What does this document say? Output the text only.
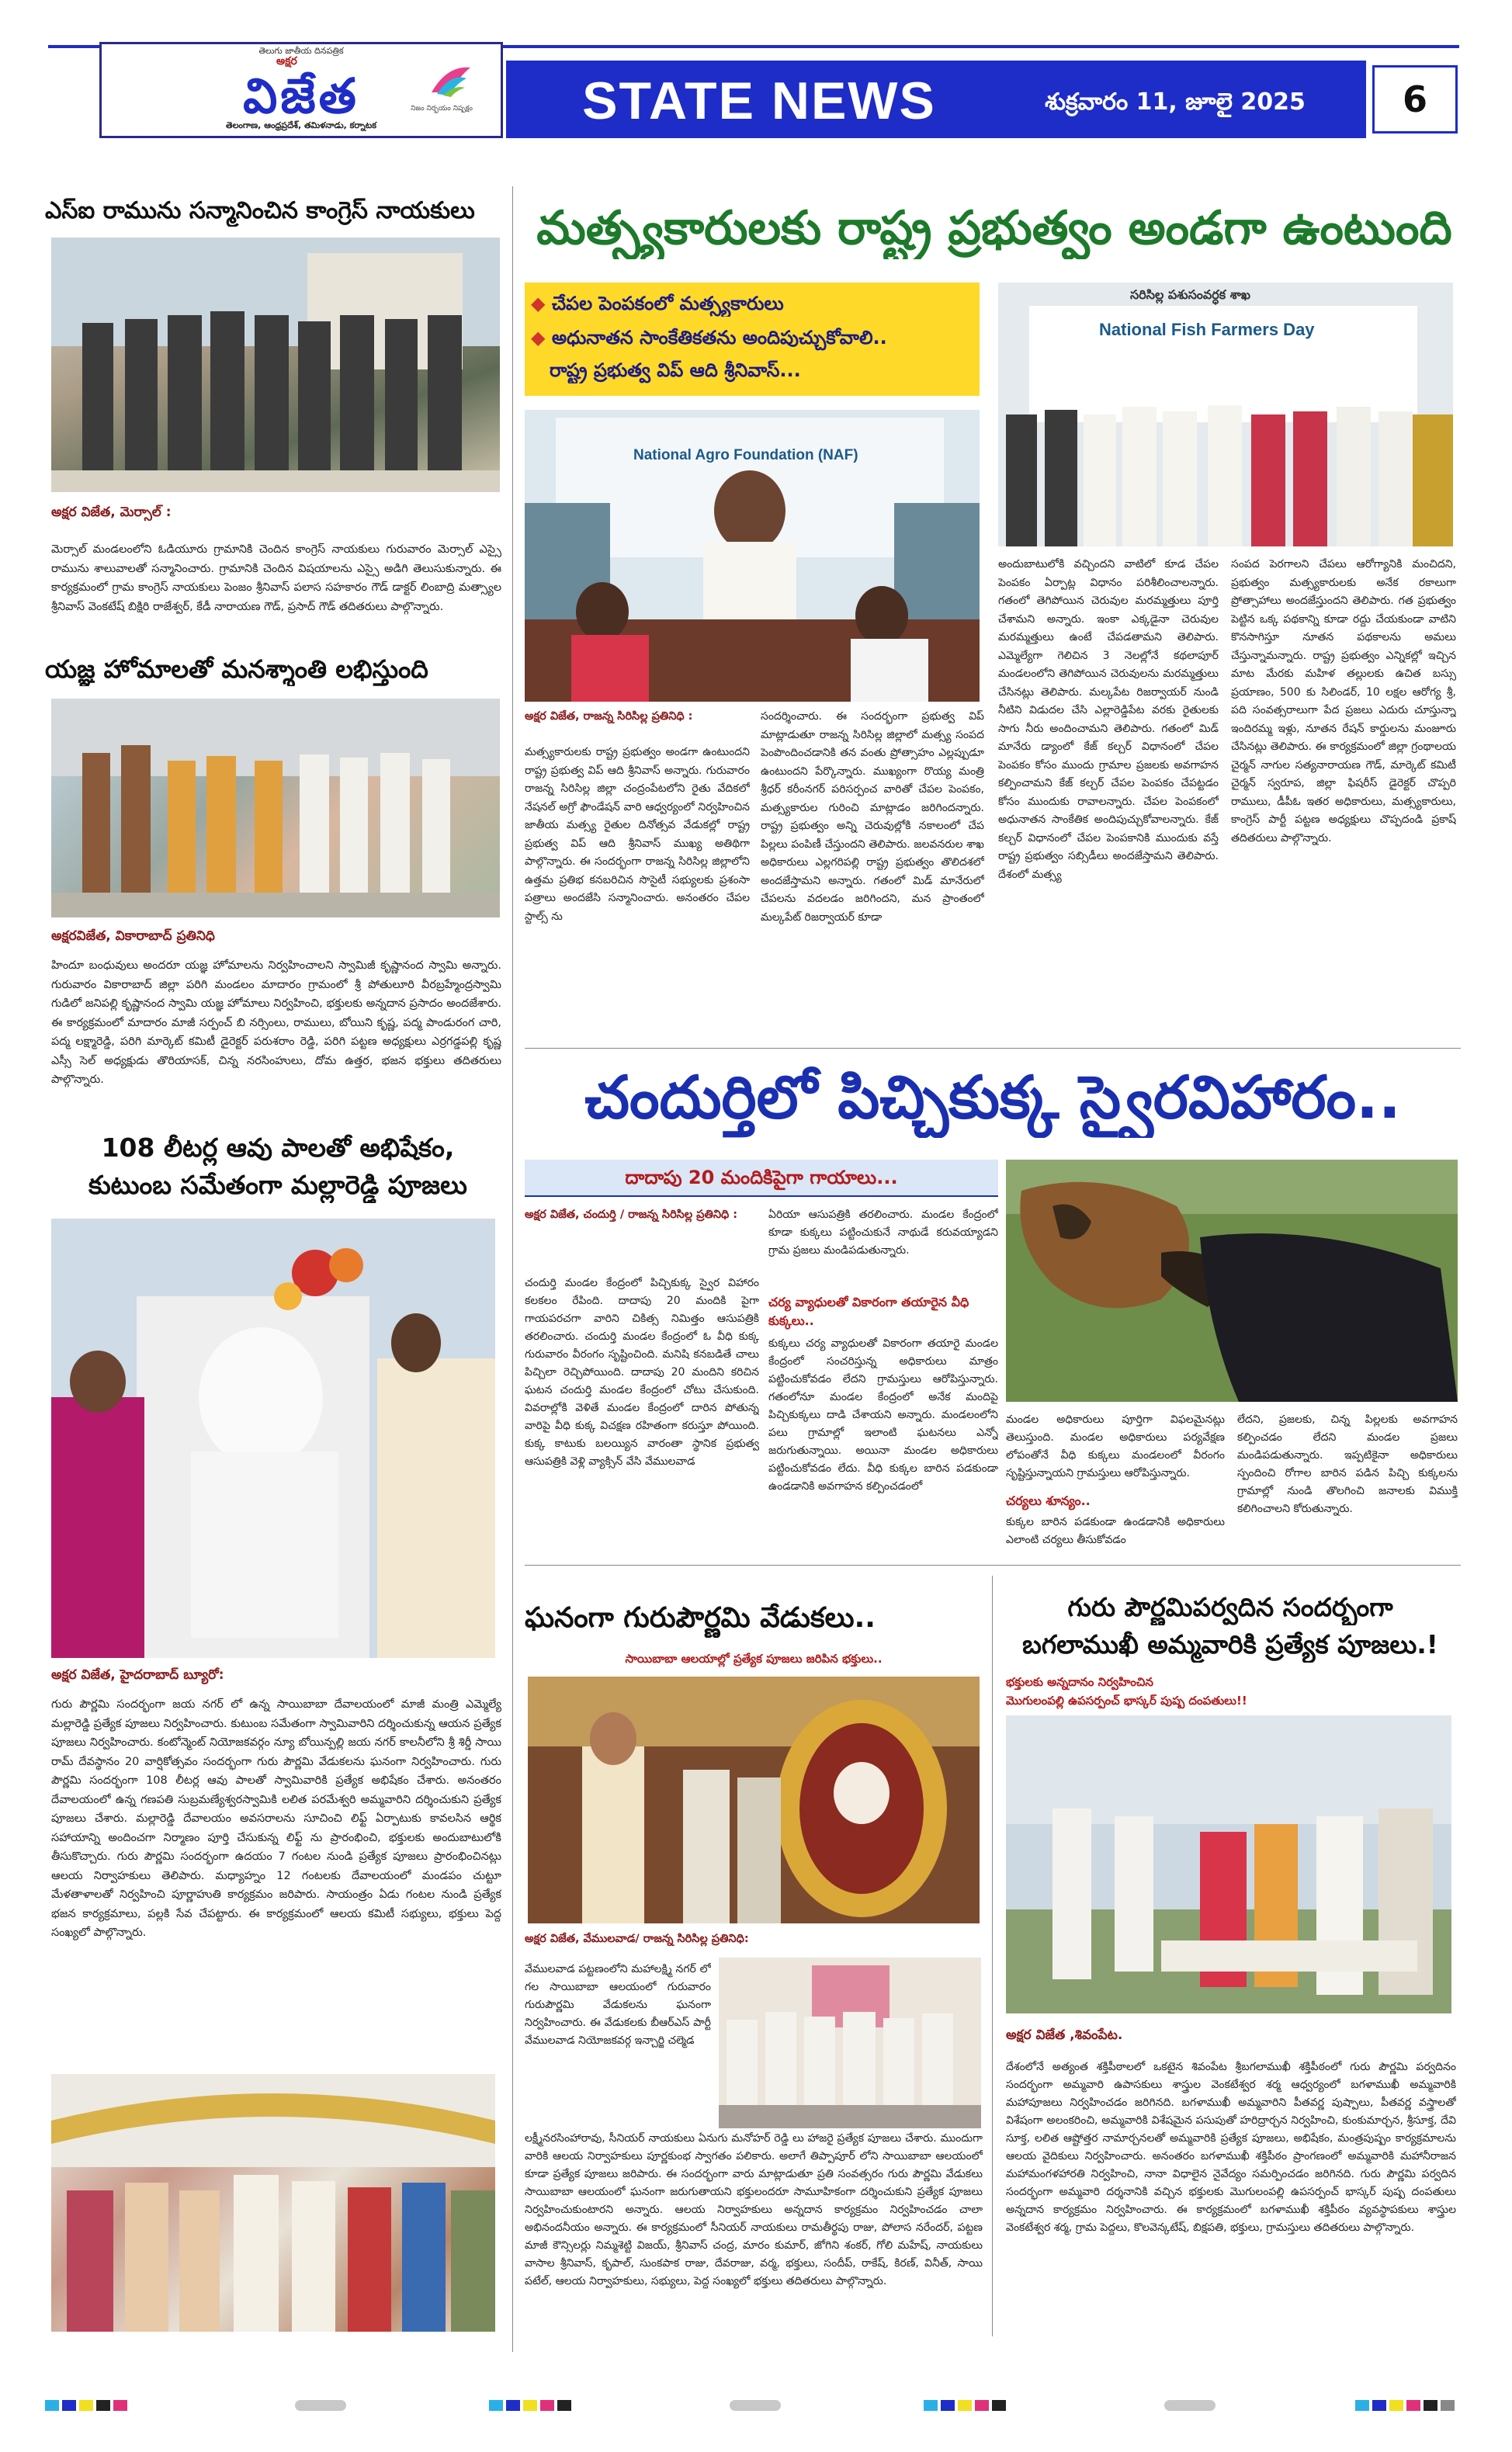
తెలుగు జాతీయ దినపత్రిక
అక్షర
విజేత	నిజం నిర్భయం నిష్పక్షం
తెలంగాణ, ఆంధ్రప్రదేశ్, తమిళనాడు, కర్నాటక	STATE NEWS	శుక్రవారం 11, జూలై 2025	6
ఎస్ఐ రామును సన్మానించిన కాంగ్రెస్ నాయకులు
అక్షర విజేత, మెర్సాల్ :
మెర్సాల్ మండలంలోని ఓడియూరు గ్రామానికి చెందిన కాంగ్రెస్ నాయకులు గురువారం మెర్సాల్ ఎస్సై రామును శాలువాలతో సన్మానించారు. గ్రామానికి చెందిన విషయాలను ఎస్సై అడిగి తెలుసుకున్నారు. ఈ కార్యక్రమంలో గ్రామ కాంగ్రెస్ నాయకులు పెంజం శ్రీనివాస్ పలాస సహకారం గౌడ్ డాక్టర్ లింబాద్రి మత్స్యాల శ్రీనివాస్ వెంకటేష్ బిక్షిరి రాజేశ్వర్, కేడీ నారాయణ గౌడ్, ప్రసాద్ గౌడ్ తదితరులు పాల్గొన్నారు.
యజ్ఞ హోమాలతో మనశ్శాంతి లభిస్తుంది
అక్షరవిజేత, వికారాబాద్ ప్రతినిధి
హిందూ బంధువులు అందరూ యజ్ఞ హోమాలను నిర్వహించాలని స్వామిజీ కృష్ణానంద స్వామి అన్నారు. గురువారం వికారాబాద్ జిల్లా పరిగి మండలం మాదారం గ్రామంలో శ్రీ పోతులూరి వీరబ్రహ్మేంద్రస్వామి గుడిలో జనిపల్లి కృష్ణానంద స్వామి యజ్ఞ హోమాలు నిర్వహించి, భక్తులకు అన్నదాన ప్రసాదం అందజేశారు. ఈ కార్యక్రమంలో మాదారం మాజీ సర్పంచ్ బి నర్సింలు, రాములు, బోయిని కృష్ణ, పద్మ పాండురంగ చారి, పద్మ లక్ష్మారెడ్డి, పరిగి మార్కెట్ కమిటీ డైరెక్టర్ పరుశరాం రెడ్డి, పరిగి పట్టణ అధ్యక్షులు ఎర్రగడ్డపల్లి కృష్ణ ఎస్సీ సెల్ అధ్యక్షుడు తొరియాసక్, చిన్న నరసింహులు, దోమ ఉత్తర, భజన భక్తులు తదితరులు పాల్గొన్నారు.
108 లీటర్ల ఆవు పాలతో అభిషేకం,
కుటుంబ సమేతంగా మల్లారెడ్డి పూజలు
అక్షర విజేత, హైదరాబాద్ బ్యూరో:
గురు పౌర్ణమి సందర్భంగా జయ నగర్ లో ఉన్న సాయిబాబా దేవాలయంలో మాజీ మంత్రి ఎమ్మెల్యే మల్లారెడ్డి ప్రత్యేక పూజలు నిర్వహించారు. కుటుంబ సమేతంగా స్వామివారిని దర్శించుకున్న ఆయన ప్రత్యేక పూజలు నిర్వహించారు. కంటోన్మెంట్ నియోజకవర్గం న్యూ బోయిన్పల్లి జయ నగర్ కాలనీలోని శ్రీ శిర్డీ సాయి రామ్ దేవస్థానం 20 వార్షికోత్సవం సందర్భంగా గురు పౌర్ణమి వేడుకలను ఘనంగా నిర్వహించారు. గురు పౌర్ణమి సందర్భంగా 108 లీటర్ల ఆవు పాలతో స్వామివారికి ప్రత్యేక అభిషేకం చేశారు. అనంతరం దేవాలయంలో ఉన్న గణపతి సుబ్రమణ్యేశ్వరస్వామికి లలిత పరమేశ్వరి అమ్మవారిని దర్శించుకుని ప్రత్యేక పూజలు చేశారు. మల్లారెడ్డి దేవాలయం అవసరాలను సూచించి లిఫ్ట్ ఏర్పాటుకు కావలసిన ఆర్థిక సహాయాన్ని అందించగా నిర్మాణం పూర్తి చేసుకున్న లిఫ్ట్ ను ప్రారంభించి, భక్తులకు అందుబాటులోకి తీసుకొచ్చారు. గురు పౌర్ణమి సందర్భంగా ఉదయం 7 గంటల నుండి ప్రత్యేక పూజలు ప్రారంభించినట్లు ఆలయ నిర్వాహకులు తెలిపారు. మధ్యాహ్నం 12 గంటలకు దేవాలయంలో మండపం చుట్టూ మేళతాళాలతో నిర్వహించి పూర్ణాహుతి కార్యక్రమం జరిపారు. సాయంత్రం ఏడు గంటల నుండి ప్రత్యేక భజన కార్యక్రమాలు, పల్లకి సేవ చేపట్టారు. ఈ కార్యక్రమంలో ఆలయ కమిటీ సభ్యులు, భక్తులు పెద్ద సంఖ్యలో పాల్గొన్నారు.
మత్స్యకారులకు రాష్ట్ర ప్రభుత్వం అండగా ఉంటుంది
◆ చేపల పెంపకంలో మత్స్యకారులు
◆ అధునాతన సాంకేతికతను అందిపుచ్చుకోవాలి..
రాష్ట్ర ప్రభుత్వ విప్ ఆది శ్రీనివాస్...
National Agro Foundation (NAF)
సరిసిల్ల పశుసంవర్ధక శాఖ
National Fish Farmers Day
అక్షర విజేత, రాజన్న సిరిసిల్ల ప్రతినిధి :
మత్స్యకారులకు రాష్ట్ర ప్రభుత్వం అండగా ఉంటుందని రాష్ట్ర ప్రభుత్వ విప్ ఆది శ్రీనివాస్ అన్నారు. గురువారం రాజన్న సిరిసిల్ల జిల్లా చంద్రంపేటలోని రైతు వేదికలో నేషనల్ అగ్రో ఫౌండేషన్ వారి ఆధ్వర్యంలో నిర్వహించిన జాతీయ మత్స్య రైతుల దినోత్సవ వేడుకల్లో రాష్ట్ర ప్రభుత్వ విప్ ఆది శ్రీనివాస్ ముఖ్య అతిథిగా పాల్గొన్నారు. ఈ సందర్భంగా రాజన్న సిరిసిల్ల జిల్లాలోని ఉత్తమ ప్రతిభ కనబరిచిన సొసైటీ సభ్యులకు ప్రశంసా పత్రాలు అందజేసి సన్మానించారు. అనంతరం చేపల స్టాల్స్ ను
సందర్శించారు. ఈ సందర్భంగా ప్రభుత్వ విప్ మాట్లాడుతూ రాజన్న సిరిసిల్ల జిల్లాలో మత్స్య సంపద పెంపొందించడానికి తన వంతు ప్రోత్సాహం ఎల్లప్పుడూ ఉంటుందని పేర్కొన్నారు. ముఖ్యంగా రొయ్య మంత్రి శ్రీధర్ కరీంనగర్ పరిసర్పంచ వారితో చేపల పెంపకం, మత్స్యకారుల గురించి మాట్లాడం జరిగిందన్నారు. రాష్ట్ర ప్రభుత్వం అన్ని చెరువుల్లోకి నకాలంలో చేప పిల్లలు పంపిణీ చేస్తుందని తెలిపారు. జలవనరుల శాఖ అధికారులు ఎల్లగరిపల్లి రాష్ట్ర ప్రభుత్వం తొలిదశలో అందజేస్తామని అన్నారు. గతంలో మిడ్ మానేరులో చేపలను వదలడం జరిగిందని, మన ప్రాంతంలో మల్కపేట్ రిజర్వాయర్ కూడా
అందుబాటులోకి వచ్చిందని వాటిలో కూడ చేపల పెంపకం ఏర్పాట్ల విధానం పరిశీలించాలన్నారు. గతంలో తెగిపోయిన చెరువుల మరమ్మత్తులు పూర్తి చేశామని అన్నారు. ఇంకా ఎక్కడైనా చెరువుల మరమ్మత్తులు ఉంటే చేపడతామని తెలిపారు. ఎమ్మెల్యేగా గెలిచిన 3 నెలల్లోనే కథలాపూర్ మండలంలోని తెగిపోయిన చెరువులను మరమ్మత్తులు చేసినట్లు తెలిపారు. మల్కపేట రిజర్వాయర్ నుండి నీటిని విడుదల చేసి ఎల్లారెడ్డిపేట వరకు రైతులకు సాగు నీరు అందించామని తెలిపారు. గతంలో మిడ్ మానేరు డ్యాంలో కేజ్ కల్చర్ విధానంలో చేపల పెంపకం కోసం ముందు గ్రామాల ప్రజలకు అవగాహన కల్పించామని కేజ్ కల్చర్ చేపల పెంపకం చేపట్టడం కోసం ముందుకు రావాలన్నారు. చేపల పెంపకంలో అధునాతన సాంకేతిక అందిపుచ్చుకోవాలన్నారు. కేజ్ కల్చర్ విధానంలో చేపల పెంపకానికి ముందుకు వస్తే రాష్ట్ర ప్రభుత్వం సబ్సిడీలు అందజేస్తామని తెలిపారు. దేశంలో మత్స్య
సంపద పెరగాలని చేపలు ఆరోగ్యానికి మంచిదని, ప్రభుత్వం మత్స్యకారులకు అనేక రకాలుగా ప్రోత్సాహాలు అందజేస్తుందని తెలిపారు. గత ప్రభుత్వం పెట్టిన ఒక్క పథకాన్ని కూడా రద్దు చేయకుండా వాటిని కొనసాగిస్తూ నూతన పథకాలను అమలు చేస్తున్నామన్నారు. రాష్ట్ర ప్రభుత్వం ఎన్నికల్లో ఇచ్చిన మాట మేరకు మహిళ తల్లులకు ఉచిత బస్సు ప్రయాణం, 500 కు సిలిండర్, 10 లక్షల ఆరోగ్య శ్రీ, పది సంవత్సరాలుగా పేద ప్రజలు ఎదురు చూస్తున్నా ఇందిరమ్మ ఇళ్లు, నూతన రేషన్ కార్డులను మంజూరు చేసినట్లు తెలిపారు. ఈ కార్యక్రమంలో జిల్లా గ్రంథాలయ చైర్మన్ నాగుల సత్యనారాయణ గౌడ్, మార్కెట్ కమిటీ చైర్మన్ స్వరూప, జిల్లా ఫిషరీస్ డైరెక్టర్ చొప్పరి రాములు, డీపీఓ ఇతర అధికారులు, మత్స్యకారులు, కాంగ్రెస్ పార్టీ పట్టణ అధ్యక్షులు చొప్పదండి ప్రకాష్ తదితరులు పాల్గొన్నారు.
చందుర్తిలో పిచ్చికుక్క స్వైరవిహారం..
దాదాపు 20 మందికిపైగా గాయాలు...
అక్షర విజేత, చందుర్తి / రాజన్న సిరిసిల్ల ప్రతినిధి :
చందుర్తి మండల కేంద్రంలో పిచ్చికుక్క స్వైర విహారం కలకలం రేపింది. దాదాపు 20 మందికి పైగా గాయపరచగా వారిని చికిత్స నిమిత్తం ఆసుపత్రికి తరలించారు. చందుర్తి మండల కేంద్రంలో ఓ వీధి కుక్క గురువారం వీరంగం సృష్టించింది. మనిషి కనబడితే చాలు పిచ్చిలా రెచ్చిపోయింది. దాదాపు 20 మందిని కరిచిన ఘటన చందుర్తి మండల కేంద్రంలో చోటు చేసుకుంది. వివరాల్లోకి వెళితే మండల కేంద్రంలో దారిన పోతున్న వారిపై వీధి కుక్క విచక్షణ రహితంగా కరుస్తూ పోయింది. కుక్క కాటుకు బలయ్యిన వారంతా స్థానిక ప్రభుత్వ ఆసుపత్రికి వెళ్లి వ్యాక్సిన్ వేసి వేములవాడ
ఏరియా ఆసుపత్రికి తరలించారు. మండల కేంద్రంలో కూడా కుక్కలు పట్టించుకునే నాథుడే కరువయ్యాడని గ్రామ ప్రజలు మండిపడుతున్నారు.
చర్య వ్యాధులతో వికారంగా తయారైన వీధి కుక్కలు..
కుక్కలు చర్య వ్యాధులతో వికారంగా తయారై మండల కేంద్రంలో సంచరిస్తున్న అధికారులు మాత్రం పట్టించుకోవడం లేదని గ్రామస్తులు ఆరోపిస్తున్నారు. గతంలోనూ మండల కేంద్రంలో అనేక మందిపై పిచ్చికుక్కలు దాడి చేశాయని అన్నారు. మండలంలోని పలు గ్రామాల్లో ఇలాంటి ఘటనలు ఎన్నో జరుగుతున్నాయి. అయినా మండల అధికారులు పట్టించుకోవడం లేదు. వీధి కుక్కల బారిన పడకుండా ఉండడానికి అవగాహన కల్పించడంలో
మండల అధికారులు పూర్తిగా విఫలమైనట్లు తెలుస్తుంది. మండల అధికారులు పర్యవేక్షణ లోపంతోనే వీధి కుక్కలు మండలంలో వీరంగం సృష్టిస్తున్నాయని గ్రామస్తులు ఆరోపిస్తున్నారు.
చర్యలు శూన్యం..
కుక్కల బారిన పడకుండా ఉండడానికి అధికారులు ఎలాంటి చర్యలు తీసుకోవడం
లేదని, ప్రజలకు, చిన్న పిల్లలకు అవగాహన కల్పించడం లేదని మండల ప్రజలు మండిపడుతున్నారు. ఇప్పటికైనా అధికారులు స్పందించి రోగాల బారిన పడిన పిచ్చి కుక్కలను గ్రామాల్లో నుండి తొలగించి జనాలకు విముక్తి కలిగించాలని కోరుతున్నారు.
ఘనంగా గురుపౌర్ణమి వేడుకలు..
సాయిబాబా ఆలయాల్లో ప్రత్యేక పూజలు జరిపిన భక్తులు..
అక్షర విజేత, వేములవాడ/ రాజన్న సిరిసిల్ల ప్రతినిధి:
వేములవాడ పట్టణంలోని మహాలక్ష్మి నగర్ లో గల సాయిబాబా ఆలయంలో గురువారం గురుపౌర్ణమి వేడుకలను ఘనంగా నిర్వహించారు. ఈ వేడుకలకు బీఆర్ఎస్ పార్టీ వేములవాడ నియోజకవర్గ ఇన్చార్జి చల్మెడ
లక్ష్మీనరసింహారావు, సీనియర్ నాయకులు ఏనుగు మనోహర్ రెడ్డి లు హాజరై ప్రత్యేక పూజలు చేశారు. ముందుగా వారికి ఆలయ నిర్వాహకులు పూర్ణకుంభ స్వాగతం పలికారు. అలాగే తిప్పాపూర్ లోని సాయిబాబా ఆలయంలో కూడా ప్రత్యేక పూజలు జరిపారు. ఈ సందర్భంగా వారు మాట్లాడుతూ ప్రతి సంవత్సరం గురు పౌర్ణమి వేడుకలు సాయిబాబా ఆలయంలో ఘనంగా జరుగుతాయని భక్తులందరూ సామూహికంగా దర్శించుకుని ప్రత్యేక పూజలు నిర్వహించుకుంటారని అన్నారు. ఆలయ నిర్వాహకులు అన్నదాన కార్యక్రమం నిర్వహించడం చాలా అభినందనీయం అన్నారు. ఈ కార్యక్రమంలో సీనియర్ నాయకులు రామతీర్థపు రాజు, పోలాస నరేందర్, పట్టణ మాజీ కౌన్సిలర్లు నిమ్మశెట్టి విజయ్, శ్రీనివాస్ చంద్ర, మారం కుమార్, జోగిని శంకర్, గోలి మహేష్, నాయకులు వాసాల శ్రీనివాస్, కృపాల్, సుంకపాక రాజు, దేవరాజు, వర్మ, భక్తులు, సందీప్, రాకేష్, కిరణ్, వినీత్, సాయి పటేల్, ఆలయ నిర్వాహకులు, సభ్యులు, పెద్ద సంఖ్యలో భక్తులు తదితరులు పాల్గొన్నారు.
గురు పౌర్ణమిపర్వదిన సందర్భంగా
బగలాముఖీ అమ్మవారికి ప్రత్యేక పూజలు.!
భక్తులకు అన్నదానం నిర్వహించిన
మొగులంపల్లి ఉపసర్పంచ్ భాస్కర్ పుష్ప దంపతులు!!
అక్షర విజేత ,శివంపేట.
దేశంలోనే అత్యంత శక్తిపీఠాలలో ఒకటైన శివంపేట శ్రీబగలాముఖీ శక్తిపీఠంలో గురు పౌర్ణమి పర్వదినం సందర్భంగా అమ్మవారి ఉపాసకులు శాస్త్రుల వెంకటేశ్వర శర్మ ఆధ్వర్యంలో బగళాముఖీ అమ్మవారికి మహాపూజలు నిర్వహించడం జరిగినది. బగళాముఖీ అమ్మవారిని పీతవర్ణ పుష్పాలు, పీతవర్ణ వస్త్రాలతో విశేషంగా అలంకరించి, అమ్మవారికి విశేషమైన పసుపుతో హరిద్రార్చన నిర్వహించి, కుంకుమార్చన, శ్రీసూక్త, దేవి సూక్త, లలిత ఆష్టోత్తర నామార్చనలతో అమ్మవారికి ప్రత్యేక పూజలు, అభిషేకం, మంత్రపుష్పం కార్యక్రమాలను ఆలయ వైదికులు నిర్వహించారు. అనంతరం బగళాముఖీ శక్తిపీఠం ప్రాంగణంలో అమ్మవారికి మహానీరాజన మహామంగళహారతి నిర్వహించి, నానా విధాలైన నైవేద్యం సమర్పించడం జరిగినది. గురు పౌర్ణమి పర్వదిన సందర్భంగా అమ్మవారి దర్శనానికి వచ్చిన భక్తులకు మొగులంపల్లి ఉపసర్పంచ్ భాస్కర్ పుష్ప దంపతులు అన్నదాన కార్యక్రమం నిర్వహించారు. ఈ కార్యక్రమంలో బగళాముఖీ శక్తిపీఠం వ్యవస్థాపకులు శాస్త్రుల వెంకటేశ్వర శర్మ, గ్రామ పెద్దలు, కొలవెన్కటేష్, బిక్షపతి, భక్తులు, గ్రామస్తులు తదితరులు పాల్గొన్నారు.
